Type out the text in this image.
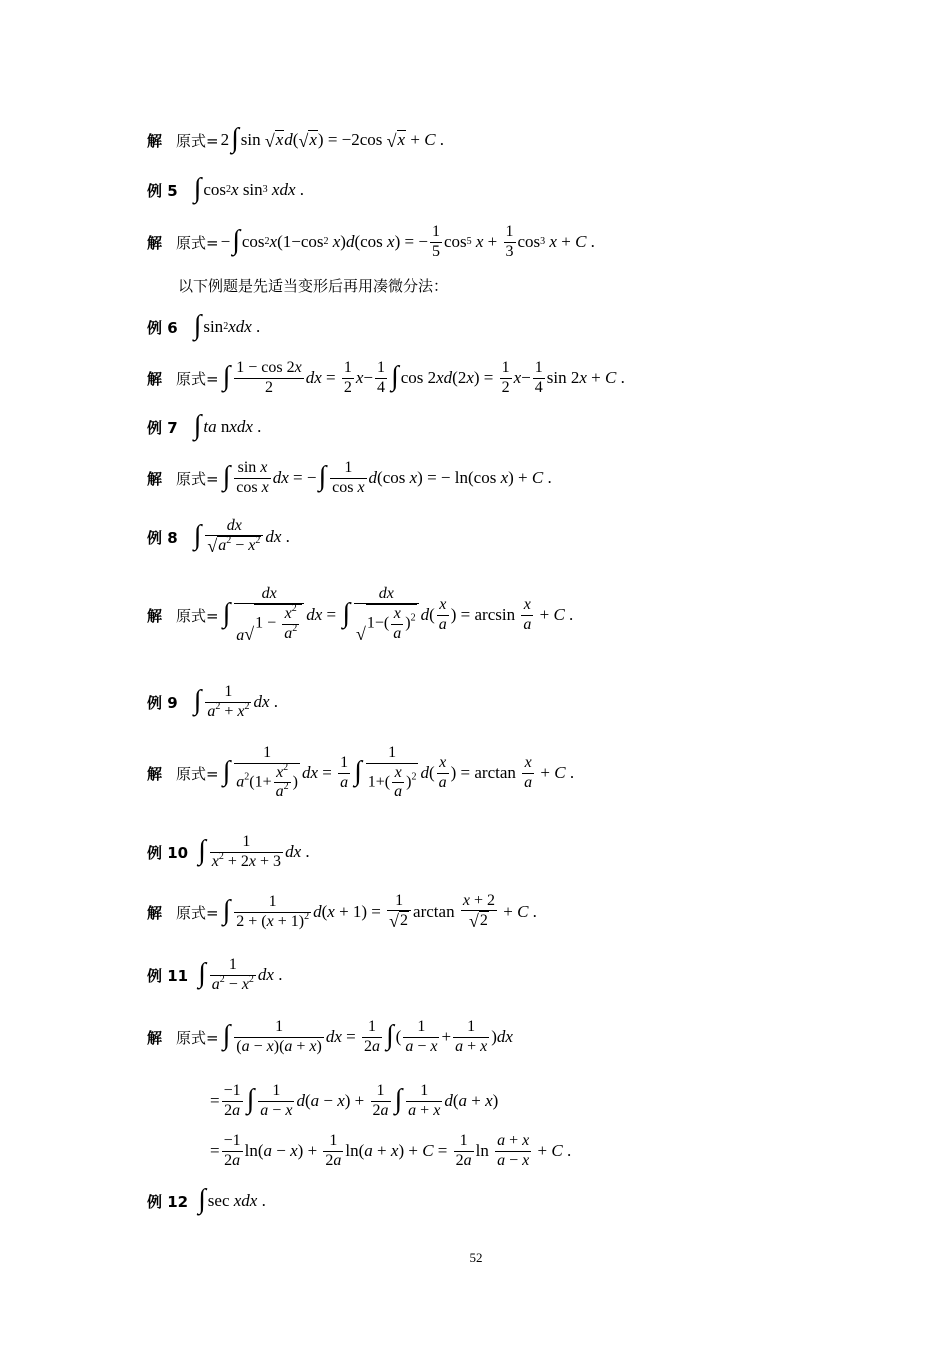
解 原式= 2 ∫ sin √ x d ( √ x ) = −2cos √ x + C .
例 5 ∫ cos 2 x sin 3
xdx .
解 原式= − ∫ cos 2 x (1−cos 2
x ) d (cos x ) = − $\frac{1}{5}$ cos 5
$x + \frac{1}{3}$ cos 3
x + C .
以下例题是先适当变形后再用凑微分法：
例 6 ∫ sin 2 xdx .
解 原式= ∫ $\frac{1 - \cos 2x}{2}$ dx = $\frac{1}{2}$ $x - \frac{1}{4}$ ∫ cos 2 xd (2 x ) = $\frac{1}{2}$ $x - \frac{1}{4}$ sin 2 x + C .
例 7 ∫ ta n xdx .
解 原式= ∫ $\frac{\text{sin x}}{\text{cos x}}$ dx = − ∫ $\frac{1}{\text{cos x}}$ d (cos x ) = − ln(cos x ) + C .
例 8 ∫ $\frac{dx}{√ a^2 - x^2}$ dx .
解 原式= ∫ dx
a √
$1 - \frac{x^2}{a^2}$ dx = ∫ dx
√
$1-( \frac{x}{a} )^2$ d ( $\frac{x}{a}$ ) = $\arcsin \frac{x}{a} + C$ .
例 9 ∫ $\frac{1}{a^2 + x^2}$ dx .
解 原式= ∫ $\frac{1}{a^2(1+ \frac{x^2}{a^2} )}$ dx = $\frac{1}{a}$ ∫ $\frac{1}{1+( \frac{x}{a} )^2}$ d ( $\frac{x}{a}$ ) = $\arctan \frac{x}{a} + C$ .
例 10 ∫ $\frac{1}{x^2 + 2x + 3}$ dx .
解 原式= ∫ $\frac{1}{2 + (x + 1)^2}$ d ( $x + 1) = \frac{1}{√ 2}$ $\arctan \frac{x + 2}{√ 2} + C$ .
例 11 ∫ $\frac{1}{a^2 - x^2}$ dx .
解 原式= ∫ $\frac{1}{(a - x)(a + x)}$ dx = $\frac{1}{2a}$ ∫ ( $\frac{1}{a - x} + \frac{1}{a + x}$ ) dx
= $\frac{-1}{2a}$ ∫ $\frac{1}{a - x}$ d ( a − x ) + $\frac{1}{2a}$ ∫ $\frac{1}{a + x}$ d ( a + x )
= $\frac{-1}{2a} \ln$( a − x ) + $\frac{1}{2a} \ln$( a + x ) + $C = \frac{1}{2a}$ $\ln \frac{a + x}{a - x} + C$ .
例 12 ∫ sec xdx .
52
